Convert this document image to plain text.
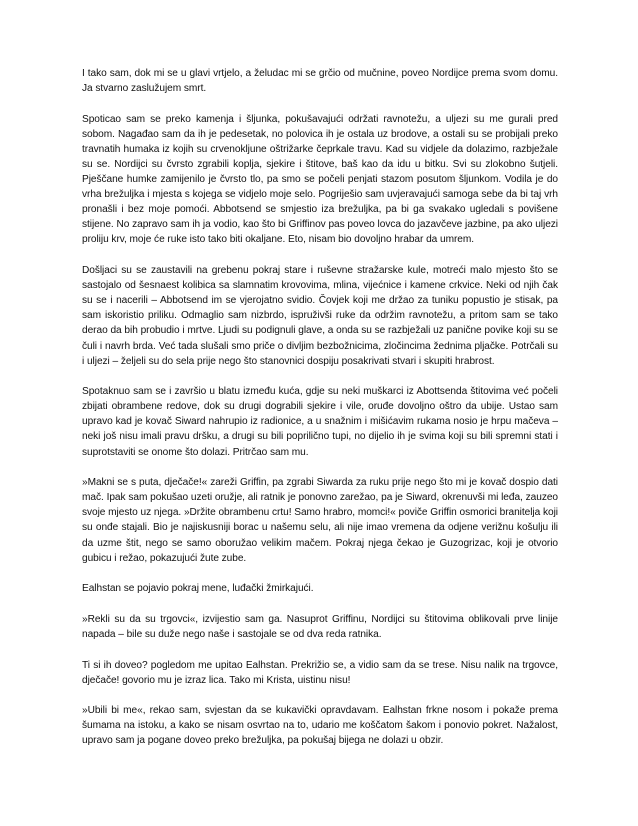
I tako sam, dok mi se u glavi vrtjelo, a želudac mi se grčio od mučnine, poveo Nordijce prema svom domu. Ja stvarno zaslužujem smrt.

Spoticao sam se preko kamenja i šljunka, pokušavajući održati ravnotežu, a uljezi su me gurali pred sobom. Nagađao sam da ih je pedesetak, no polovica ih je ostala uz brodove, a ostali su se probijali preko travnatih humaka iz kojih su crvenokljune oštrižarke čeprkale travu. Kad su vidjele da dolazimo, razbježale su se. Nordijci su čvrsto zgrabili koplja, sjekire i štitove, baš kao da idu u bitku. Svi su zlokobno šutjeli. Pješčane humke zamijenilo je čvrsto tlo, pa smo se počeli penjati stazom posutom šljunkom. Vodila je do vrha brežuljka i mjesta s kojega se vidjelo moje selo. Pogriješio sam uvjeravajući samoga sebe da bi taj vrh pronašli i bez moje pomoći. Abbotsend se smjestio iza brežuljka, pa bi ga svakako ugledali s povišene stijene. No zapravo sam ih ja vodio, kao što bi Griffinov pas poveo lovca do jazavčeve jazbine, pa ako uljezi proliju krv, moje će ruke isto tako biti okaljane. Eto, nisam bio dovoljno hrabar da umrem.

Došljaci su se zaustavili na grebenu pokraj stare i ruševne stražarske kule, motreći malo mjesto što se sastojalo od šesnaest kolibica sa slamnatim krovovima, mlina, vijećnice i kamene crkvice. Neki od njih čak su se i nacerili – Abbotsend im se vjerojatno svidio. Čovjek koji me držao za tuniku popustio je stisak, pa sam iskoristio priliku. Odmaglio sam nizbrdo, ispruživši ruke da održim ravnotežu, a pritom sam se tako derao da bih probudio i mrtve. Ljudi su podignuli glave, a onda su se razbježali uz panične povike koji su se čuli i navrh brda. Već tada slušali smo priče o divljim bezbožnicima, zločincima žednima pljačke. Potrčali su i uljezi – željeli su do sela prije nego što stanovnici dospiju posakrivati stvari i skupiti hrabrost.

Spotaknuo sam se i završio u blatu između kuća, gdje su neki muškarci iz Abottsenda štitovima već počeli zbijati obrambene redove, dok su drugi dograbili sjekire i vile, oruđe dovoljno oštro da ubije. Ustao sam upravo kad je kovač Siward nahrupio iz radionice, a u snažnim i mišićavim rukama nosio je hrpu mačeva – neki još nisu imali pravu dršku, a drugi su bili poprilično tupi, no dijelio ih je svima koji su bili spremni stati i suprotstaviti se onome što dolazi. Pritrčao sam mu.

»Makni se s puta, dječače!« zareži Griffin, pa zgrabi Siwarda za ruku prije nego što mi je kovač dospio dati mač. Ipak sam pokušao uzeti oružje, ali ratnik je ponovno zarežao, pa je Siward, okrenuvši mi leđa, zauzeo svoje mjesto uz njega. »Držite obrambenu crtu! Samo hrabro, momci!« poviče Griffin osmorici branitelja koji su onđe stajali. Bio je najiskusniji borac u našemu selu, ali nije imao vremena da odjene verižnu košulju ili da uzme štit, nego se samo oboružao velikim mačem. Pokraj njega čekao je Guzogrizac, koji je otvorio gubicu i režao, pokazujući žute zube.

Ealhstan se pojavio pokraj mene, luđački žmirkajući.

»Rekli su da su trgovci«, izvijestio sam ga. Nasuprot Griffinu, Nordijci su štitovima oblikovali prve linije napada – bile su duže nego naše i sastojale se od dva reda ratnika.

Ti si ih doveo? pogledom me upitao Ealhstan. Prekrižio se, a vidio sam da se trese. Nisu nalik na trgovce, dječače! govorio mu je izraz lica. Tako mi Krista, uistinu nisu!

»Ubili bi me«, rekao sam, svjestan da se kukavički opravdavam. Ealhstan frkne nosom i pokaže prema šumama na istoku, a kako se nisam osvrtao na to, udario me koščatom šakom i ponovio pokret. Nažalost, upravo sam ja pogane doveo preko brežuljka, pa pokušaj bijega ne dolazi u obzir.
